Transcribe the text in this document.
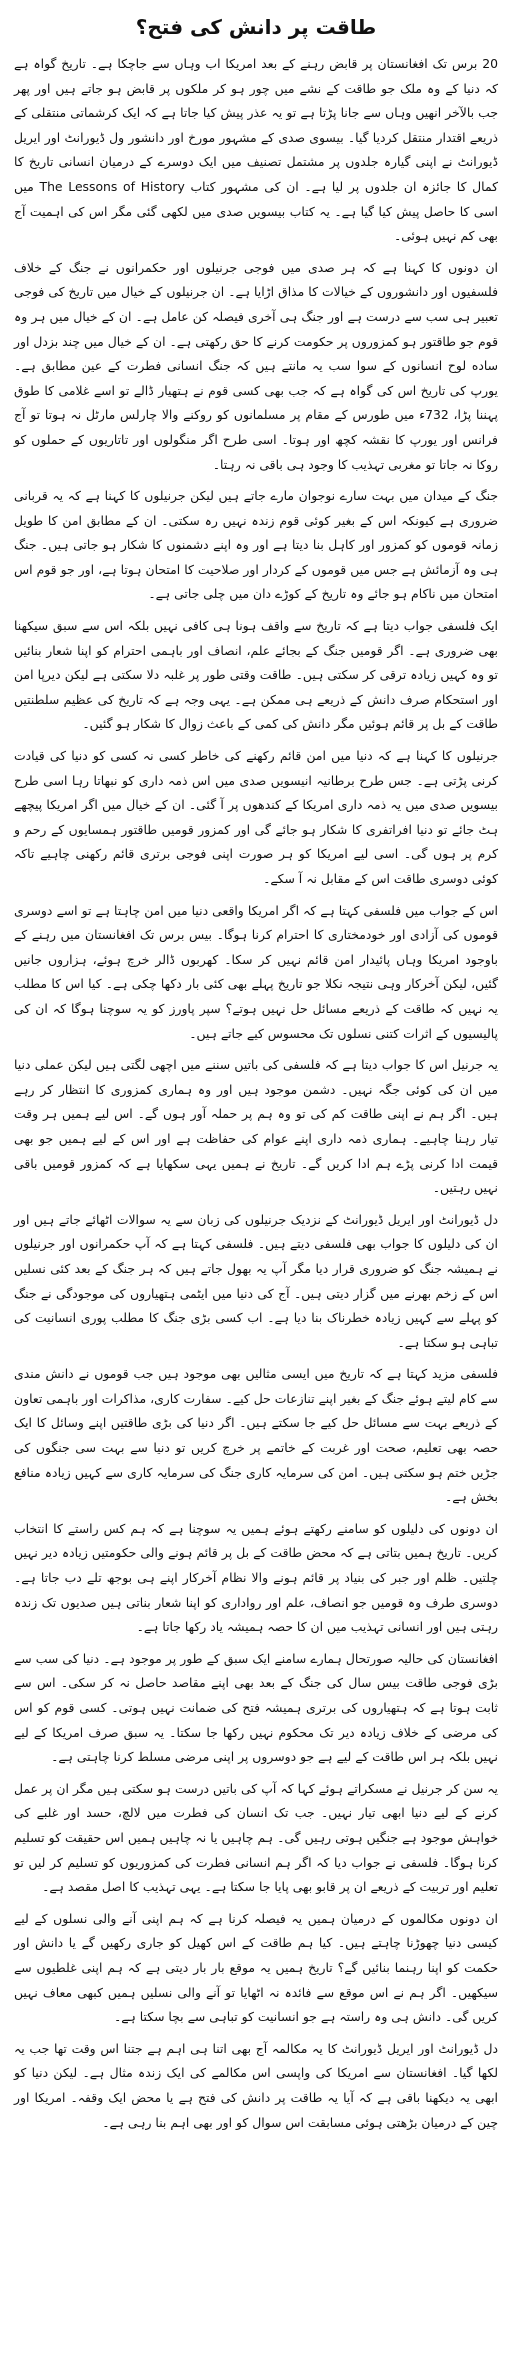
طاقت پر دانش کی فتح؟

20 برس تک افغانستان پر قابض رہنے کے بعد امریکا اب وہاں سے جاچکا ہے۔ تاریخ گواہ ہے کہ دنیا کے وہ ملک جو طاقت کے نشے میں چور ہو کر ملکوں پر قابض ہو جاتے ہیں اور پھر جب بالآخر انھیں وہاں سے جانا پڑتا ہے تو یہ عذر پیش کیا جاتا ہے کہ ایک کرشماتی منتقلی کے ذریعے اقتدار منتقل کردیا گیا۔ بیسوی صدی کے مشہور مورخ اور دانشور ول ڈیورانٹ اور ایریل ڈیورانٹ نے اپنی گیارہ جلدوں پر مشتمل تصنیف میں ایک دوسرے کے درمیان انسانی تاریخ کا کمال کا جائزہ ان جلدوں پر لیا ہے۔ ان کی مشہور کتاب The Lessons of History میں اسی کا حاصل پیش کیا گیا ہے۔ یہ کتاب بیسویں صدی میں لکھی گئی مگر اس کی اہمیت آج بھی کم نہیں ہوئی۔

ان دونوں کا کہنا ہے کہ ہر صدی میں فوجی جرنیلوں اور حکمرانوں نے جنگ کے خلاف فلسفیوں اور دانشوروں کے خیالات کا مذاق اڑایا ہے۔ ان جرنیلوں کے خیال میں تاریخ کی فوجی تعبیر ہی سب سے درست ہے اور جنگ ہی آخری فیصلہ کن عامل ہے۔ ان کے خیال میں ہر وہ قوم جو طاقتور ہو کمزوروں پر حکومت کرنے کا حق رکھتی ہے۔ ان کے خیال میں چند بزدل اور ساده لوح انسانوں کے سوا سب یہ مانتے ہیں کہ جنگ انسانی فطرت کے عین مطابق ہے۔ یورپ کی تاریخ اس کی گواہ ہے کہ جب بھی کسی قوم نے ہتھیار ڈالے تو اسے غلامی کا طوق پہننا پڑا، 732ء میں طورس کے مقام پر مسلمانوں کو روکنے والا چارلس مارٹل نہ ہوتا تو آج فرانس اور یورپ کا نقشہ کچھ اور ہوتا۔ اسی طرح اگر منگولوں اور تاتاریوں کے حملوں کو روکا نہ جاتا تو مغربی تہذیب کا وجود ہی باقی نہ رہتا۔

جنگ کے میدان میں بہت سارے نوجوان مارے جاتے ہیں لیکن جرنیلوں کا کہنا ہے کہ یہ قربانی ضروری ہے کیونکہ اس کے بغیر کوئی قوم زندہ نہیں رہ سکتی۔ ان کے مطابق امن کا طویل زمانہ قوموں کو کمزور اور کاہل بنا دیتا ہے اور وہ اپنے دشمنوں کا شکار ہو جاتی ہیں۔ جنگ ہی وہ آزمائش ہے جس میں قوموں کے کردار اور صلاحیت کا امتحان ہوتا ہے، اور جو قوم اس امتحان میں ناکام ہو جائے وہ تاریخ کے کوڑے دان میں چلی جاتی ہے۔

ایک فلسفی جواب دیتا ہے کہ تاریخ سے واقف ہونا ہی کافی نہیں بلکہ اس سے سبق سیکھنا بھی ضروری ہے۔ اگر قومیں جنگ کے بجائے علم، انصاف اور باہمی احترام کو اپنا شعار بنائیں تو وہ کہیں زیادہ ترقی کر سکتی ہیں۔ طاقت وقتی طور پر غلبہ دلا سکتی ہے لیکن دیرپا امن اور استحکام صرف دانش کے ذریعے ہی ممکن ہے۔ یہی وجہ ہے کہ تاریخ کی عظیم سلطنتیں طاقت کے بل پر قائم ہوئیں مگر دانش کی کمی کے باعث زوال کا شکار ہو گئیں۔

جرنیلوں کا کہنا ہے کہ دنیا میں امن قائم رکھنے کی خاطر کسی نہ کسی کو دنیا کی قیادت کرنی پڑتی ہے۔ جس طرح برطانیہ انیسویں صدی میں اس ذمہ داری کو نبھاتا رہا اسی طرح بیسویں صدی میں یہ ذمہ داری امریکا کے کندھوں پر آ گئی۔ ان کے خیال میں اگر امریکا پیچھے ہٹ جائے تو دنیا افراتفری کا شکار ہو جائے گی اور کمزور قومیں طاقتور ہمسایوں کے رحم و کرم پر ہوں گی۔ اسی لیے امریکا کو ہر صورت اپنی فوجی برتری قائم رکھنی چاہیے تاکہ کوئی دوسری طاقت اس کے مقابل نہ آ سکے۔

اس کے جواب میں فلسفی کہتا ہے کہ اگر امریکا واقعی دنیا میں امن چاہتا ہے تو اسے دوسری قوموں کی آزادی اور خودمختاری کا احترام کرنا ہوگا۔ بیس برس تک افغانستان میں رہنے کے باوجود امریکا وہاں پائیدار امن قائم نہیں کر سکا۔ کھربوں ڈالر خرچ ہوئے، ہزاروں جانیں گئیں، لیکن آخرکار وہی نتیجہ نکلا جو تاریخ پہلے بھی کئی بار دکھا چکی ہے۔ کیا اس کا مطلب یہ نہیں کہ طاقت کے ذریعے مسائل حل نہیں ہوتے؟ سپر پاورز کو یہ سوچنا ہوگا کہ ان کی پالیسیوں کے اثرات کتنی نسلوں تک محسوس کیے جاتے ہیں۔

یہ جرنیل اس کا جواب دیتا ہے کہ فلسفی کی باتیں سننے میں اچھی لگتی ہیں لیکن عملی دنیا میں ان کی کوئی جگہ نہیں۔ دشمن موجود ہیں اور وہ ہماری کمزوری کا انتظار کر رہے ہیں۔ اگر ہم نے اپنی طاقت کم کی تو وہ ہم پر حملہ آور ہوں گے۔ اس لیے ہمیں ہر وقت تیار رہنا چاہیے۔ ہماری ذمہ داری اپنے عوام کی حفاظت ہے اور اس کے لیے ہمیں جو بھی قیمت ادا کرنی پڑے ہم ادا کریں گے۔ تاریخ نے ہمیں یہی سکھایا ہے کہ کمزور قومیں باقی نہیں رہتیں۔

دل ڈیورانٹ اور ایریل ڈیورانٹ کے نزدیک جرنیلوں کی زبان سے یہ سوالات اٹھائے جاتے ہیں اور ان کی دلیلوں کا جواب بھی فلسفی دیتے ہیں۔ فلسفی کہتا ہے کہ آپ حکمرانوں اور جرنیلوں نے ہمیشہ جنگ کو ضروری قرار دیا مگر آپ یہ بھول جاتے ہیں کہ ہر جنگ کے بعد کئی نسلیں اس کے زخم بھرنے میں گزار دیتی ہیں۔ آج کی دنیا میں ایٹمی ہتھیاروں کی موجودگی نے جنگ کو پہلے سے کہیں زیادہ خطرناک بنا دیا ہے۔ اب کسی بڑی جنگ کا مطلب پوری انسانیت کی تباہی ہو سکتا ہے۔

فلسفی مزید کہتا ہے کہ تاریخ میں ایسی مثالیں بھی موجود ہیں جب قوموں نے دانش مندی سے کام لیتے ہوئے جنگ کے بغیر اپنے تنازعات حل کیے۔ سفارت کاری، مذاکرات اور باہمی تعاون کے ذریعے بہت سے مسائل حل کیے جا سکتے ہیں۔ اگر دنیا کی بڑی طاقتیں اپنے وسائل کا ایک حصہ بھی تعلیم، صحت اور غربت کے خاتمے پر خرچ کریں تو دنیا سے بہت سی جنگوں کی جڑیں ختم ہو سکتی ہیں۔ امن کی سرمایہ کاری جنگ کی سرمایہ کاری سے کہیں زیادہ منافع بخش ہے۔

ان دونوں کی دلیلوں کو سامنے رکھتے ہوئے ہمیں یہ سوچنا ہے کہ ہم کس راستے کا انتخاب کریں۔ تاریخ ہمیں بتاتی ہے کہ محض طاقت کے بل پر قائم ہونے والی حکومتیں زیادہ دیر نہیں چلتیں۔ ظلم اور جبر کی بنیاد پر قائم ہونے والا نظام آخرکار اپنے ہی بوجھ تلے دب جاتا ہے۔ دوسری طرف وہ قومیں جو انصاف، علم اور رواداری کو اپنا شعار بناتی ہیں صدیوں تک زندہ رہتی ہیں اور انسانی تہذیب میں ان کا حصہ ہمیشہ یاد رکھا جاتا ہے۔

افغانستان کی حالیہ صورتحال ہمارے سامنے ایک سبق کے طور پر موجود ہے۔ دنیا کی سب سے بڑی فوجی طاقت بیس سال کی جنگ کے بعد بھی اپنے مقاصد حاصل نہ کر سکی۔ اس سے ثابت ہوتا ہے کہ ہتھیاروں کی برتری ہمیشہ فتح کی ضمانت نہیں ہوتی۔ کسی قوم کو اس کی مرضی کے خلاف زیادہ دیر تک محکوم نہیں رکھا جا سکتا۔ یہ سبق صرف امریکا کے لیے نہیں بلکہ ہر اس طاقت کے لیے ہے جو دوسروں پر اپنی مرضی مسلط کرنا چاہتی ہے۔

یہ سن کر جرنیل نے مسکراتے ہوئے کہا کہ آپ کی باتیں درست ہو سکتی ہیں مگر ان پر عمل کرنے کے لیے دنیا ابھی تیار نہیں۔ جب تک انسان کی فطرت میں لالچ، حسد اور غلبے کی خواہش موجود ہے جنگیں ہوتی رہیں گی۔ ہم چاہیں یا نہ چاہیں ہمیں اس حقیقت کو تسلیم کرنا ہوگا۔ فلسفی نے جواب دیا کہ اگر ہم انسانی فطرت کی کمزوریوں کو تسلیم کر لیں تو تعلیم اور تربیت کے ذریعے ان پر قابو بھی پایا جا سکتا ہے۔ یہی تہذیب کا اصل مقصد ہے۔

ان دونوں مکالموں کے درمیان ہمیں یہ فیصلہ کرنا ہے کہ ہم اپنی آنے والی نسلوں کے لیے کیسی دنیا چھوڑنا چاہتے ہیں۔ کیا ہم طاقت کے اس کھیل کو جاری رکھیں گے یا دانش اور حکمت کو اپنا رہنما بنائیں گے؟ تاریخ ہمیں یہ موقع بار بار دیتی ہے کہ ہم اپنی غلطیوں سے سیکھیں۔ اگر ہم نے اس موقع سے فائدہ نہ اٹھایا تو آنے والی نسلیں ہمیں کبھی معاف نہیں کریں گی۔ دانش ہی وہ راستہ ہے جو انسانیت کو تباہی سے بچا سکتا ہے۔

دل ڈیورانٹ اور ایریل ڈیورانٹ کا یہ مکالمہ آج بھی اتنا ہی اہم ہے جتنا اس وقت تھا جب یہ لکھا گیا۔ افغانستان سے امریکا کی واپسی اس مکالمے کی ایک زندہ مثال ہے۔ لیکن دنیا کو ابھی یہ دیکھنا باقی ہے کہ آیا یہ طاقت پر دانش کی فتح ہے یا محض ایک وقفہ۔ امریکا اور چین کے درمیان بڑھتی ہوئی مسابقت اس سوال کو اور بھی اہم بنا رہی ہے۔
